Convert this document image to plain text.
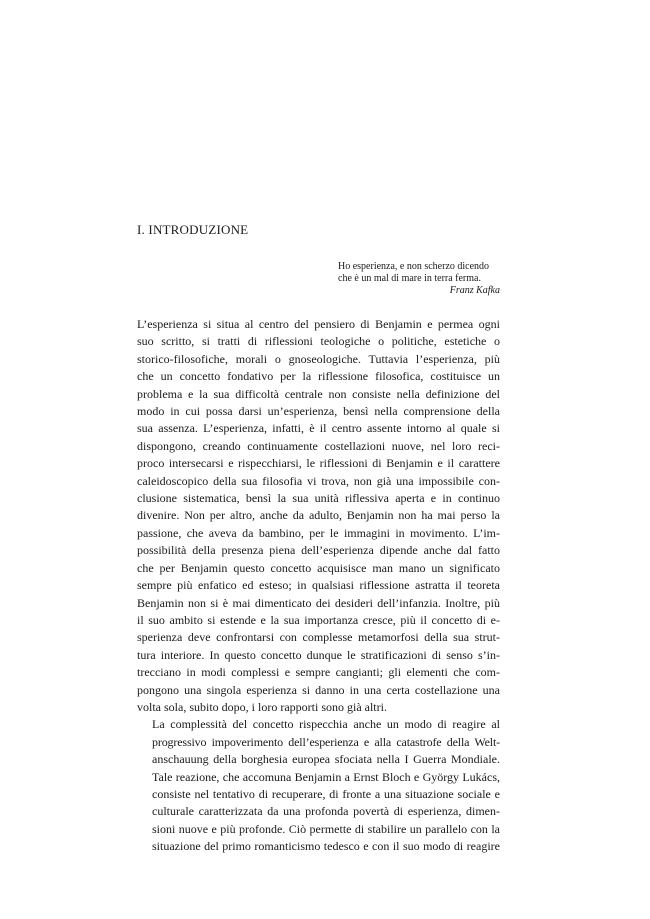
I. INTRODUZIONE

Ho esperienza, e non scherzo dicendo

che è un mal di mare in terra ferma.

Franz Kafka

L’esperienza si situa al centro del pensiero di Benjamin e permea ogni
suo scritto, si tratti di riflessioni teologiche o politiche, estetiche o
storico-filosofiche, morali o gnoseologiche. Tuttavia l’esperienza, più
che un concetto fondativo per la riflessione filosofica, costituisce un
problema e la sua difficoltà centrale non consiste nella definizione del
modo in cui possa darsi un’esperienza, bensì nella comprensione della
sua assenza. L’esperienza, infatti, è il centro assente intorno al quale si
dispongono, creando continuamente costellazioni nuove, nel loro reci-
proco intersecarsi e rispecchiarsi, le riflessioni di Benjamin e il carattere
caleidoscopico della sua filosofia vi trova, non già una impossibile con-
clusione sistematica, bensì la sua unità riflessiva aperta e in continuo
divenire. Non per altro, anche da adulto, Benjamin non ha mai perso la
passione, che aveva da bambino, per le immagini in movimento. L’im-
possibilità della presenza piena dell’esperienza dipende anche dal fatto
che per Benjamin questo concetto acquisisce man mano un significato
sempre più enfatico ed esteso; in qualsiasi riflessione astratta il teoreta
Benjamin non si è mai dimenticato dei desideri dell’infanzia. Inoltre, più
il suo ambito si estende e la sua importanza cresce, più il concetto di e-
sperienza deve confrontarsi con complesse metamorfosi della sua strut-
tura interiore. In questo concetto dunque le stratificazioni di senso s’in-
trecciano in modi complessi e sempre cangianti; gli elementi che com-
pongono una singola esperienza si danno in una certa costellazione una
volta sola, subito dopo, i loro rapporti sono già altri.

La complessità del concetto rispecchia anche un modo di reagire al
progressivo impoverimento dell’esperienza e alla catastrofe della Welt-
anschauung della borghesia europea sfociata nella I Guerra Mondiale.
Tale reazione, che accomuna Benjamin a Ernst Bloch e György Lukács,
consiste nel tentativo di recuperare, di fronte a una situazione sociale e
culturale caratterizzata da una profonda povertà di esperienza, dimen-
sioni nuove e più profonde. Ciò permette di stabilire un parallelo con la
situazione del primo romanticismo tedesco e con il suo modo di reagire
